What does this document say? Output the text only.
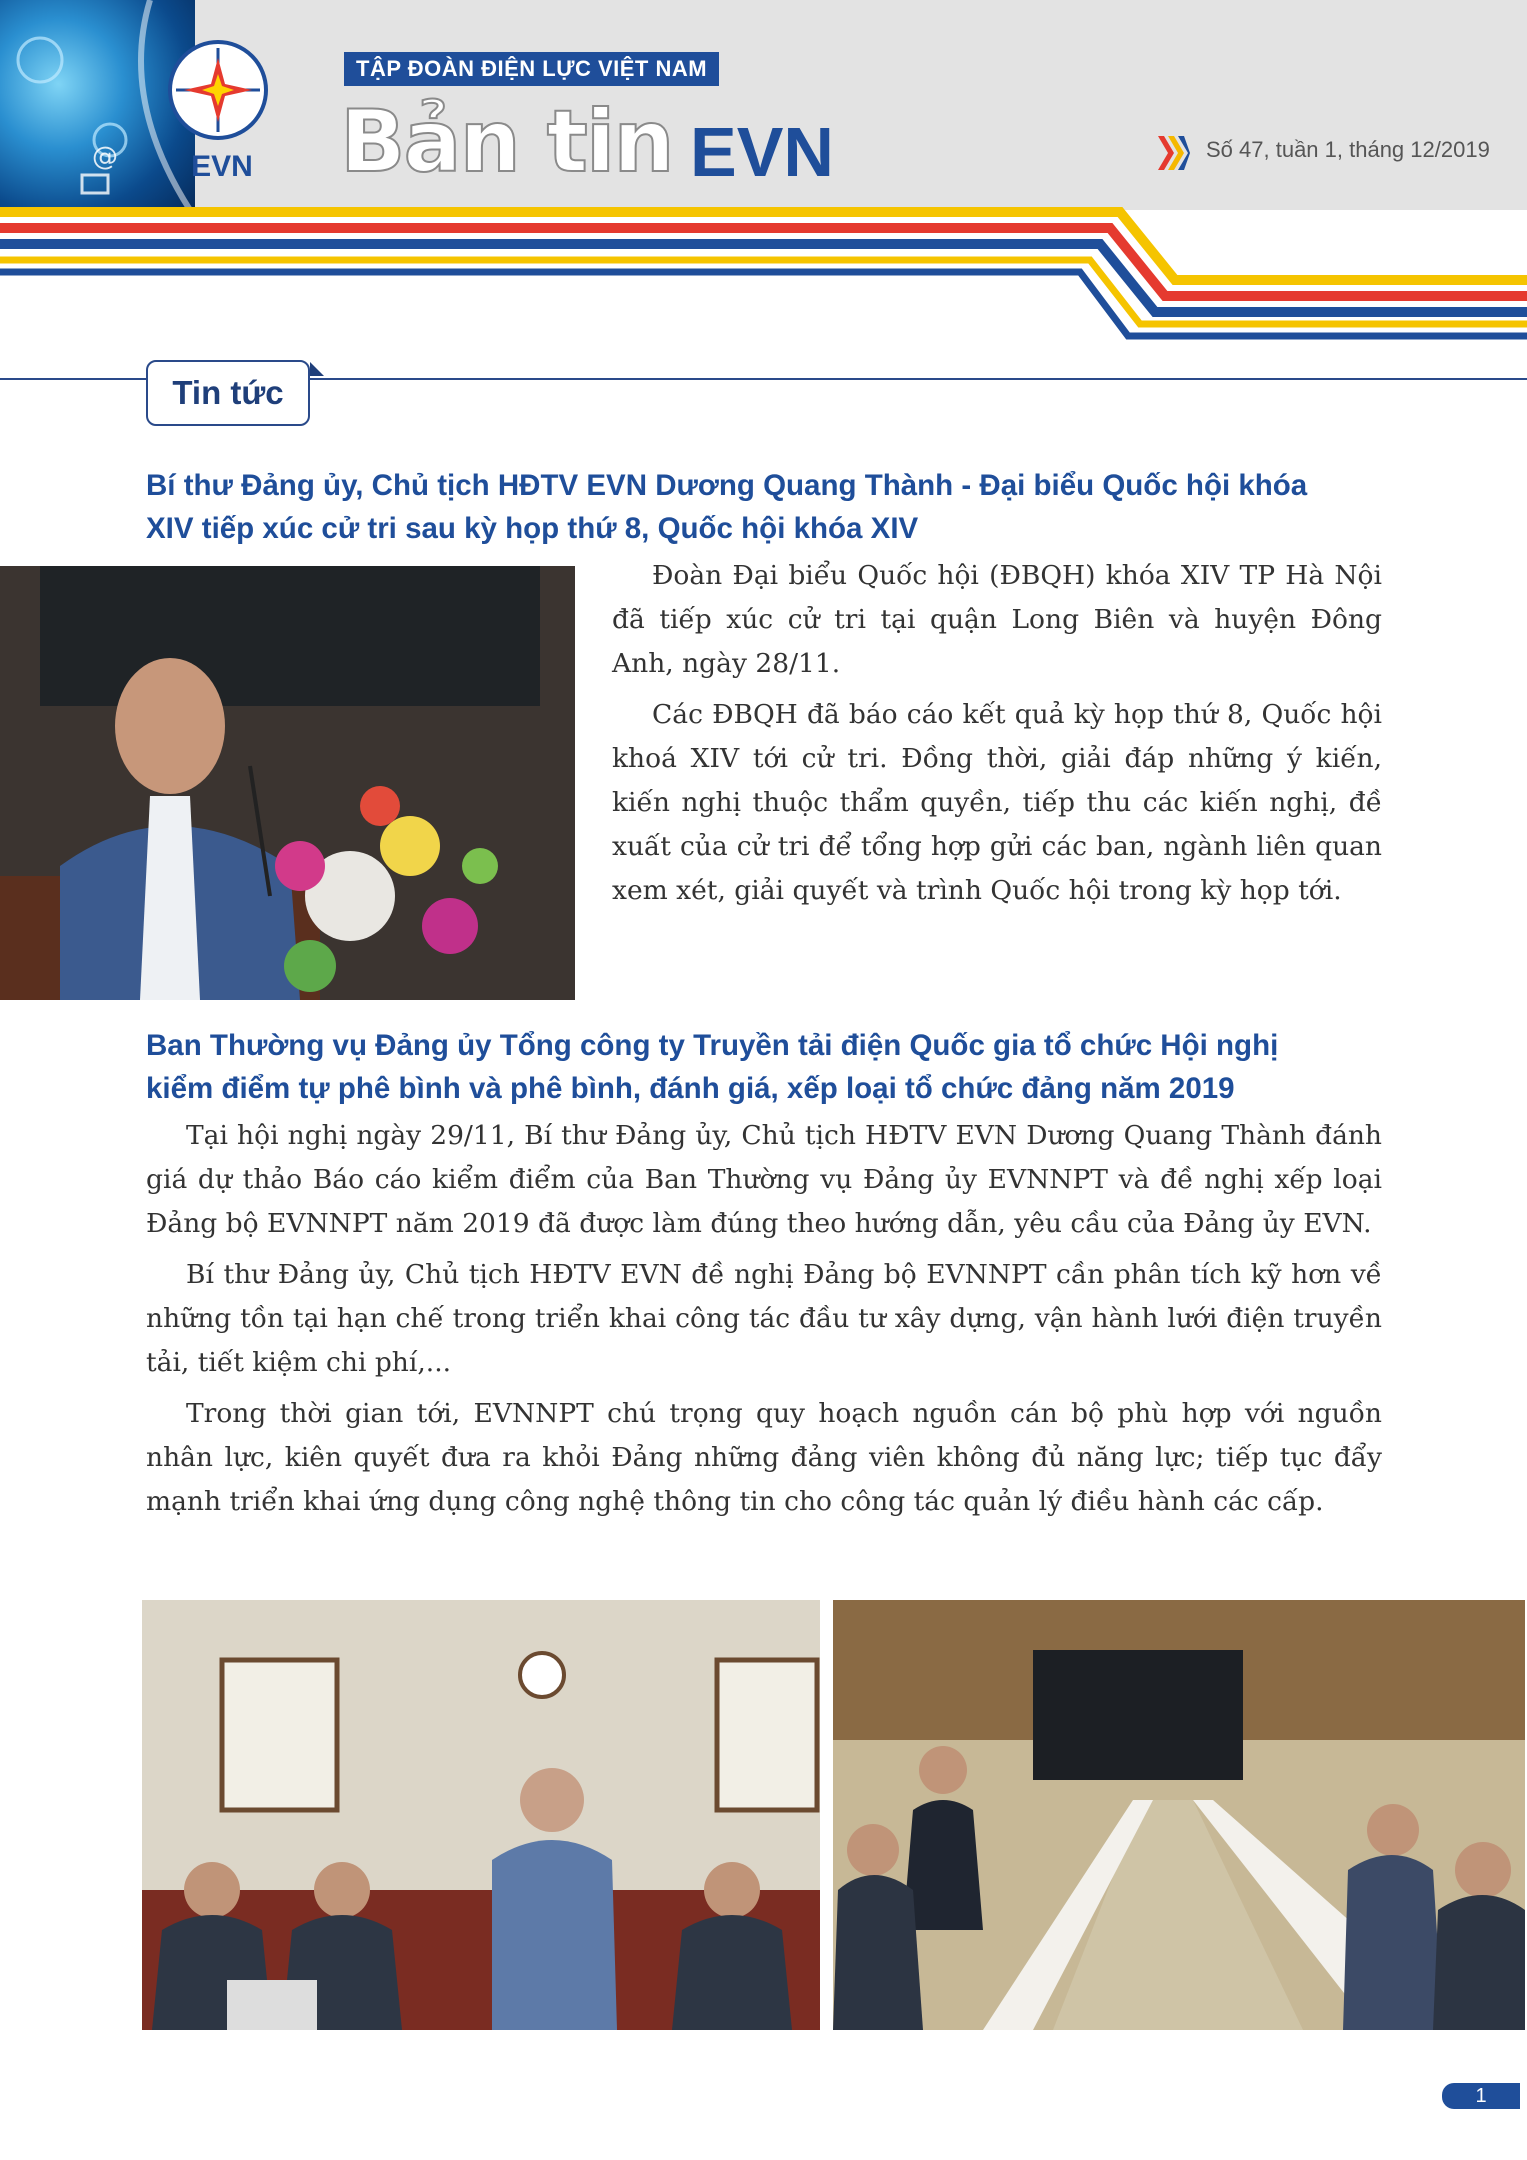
@	EVN
TẬP ĐOÀN ĐIỆN LỰC VIỆT NAM
Bản tin EVN	Số 47, tuần 1, tháng 12/2019
Tin tức
Bí thư Đảng ủy, Chủ tịch HĐTV EVN Dương Quang Thành - Đại biểu Quốc hội khóa
XIV tiếp xúc cử tri sau kỳ họp thứ 8, Quốc hội khóa XIV

Đoàn Đại biểu Quốc hội (ĐBQH) khóa XIV TP Hà Nội đã tiếp xúc cử tri tại quận Long Biên và huyện Đông Anh, ngày 28/11.

Các ĐBQH đã báo cáo kết quả kỳ họp thứ 8, Quốc hội khoá XIV tới cử tri. Đồng thời, giải đáp những ý kiến, kiến nghị thuộc thẩm quyền, tiếp thu các kiến nghị, đề xuất của cử tri để tổng hợp gửi các ban, ngành liên quan xem xét, giải quyết và trình Quốc hội trong kỳ họp tới.

Ban Thường vụ Đảng ủy Tổng công ty Truyền tải điện Quốc gia tổ chức Hội nghị
kiểm điểm tự phê bình và phê bình, đánh giá, xếp loại tổ chức đảng năm 2019

Tại hội nghị ngày 29/11, Bí thư Đảng ủy, Chủ tịch HĐTV EVN Dương Quang Thành đánh giá dự thảo Báo cáo kiểm điểm của Ban Thường vụ Đảng ủy EVNNPT và đề nghị xếp loại Đảng bộ EVNNPT năm 2019 đã được làm đúng theo hướng dẫn, yêu cầu của Đảng ủy EVN.

Bí thư Đảng ủy, Chủ tịch HĐTV EVN đề nghị Đảng bộ EVNNPT cần phân tích kỹ hơn về những tồn tại hạn chế trong triển khai công tác đầu tư xây dựng, vận hành lưới điện truyền tải, tiết kiệm chi phí,...

Trong thời gian tới, EVNNPT chú trọng quy hoạch nguồn cán bộ phù hợp với nguồn nhân lực, kiên quyết đưa ra khỏi Đảng những đảng viên không đủ năng lực; tiếp tục đẩy mạnh triển khai ứng dụng công nghệ thông tin cho công tác quản lý điều hành các cấp.

1
